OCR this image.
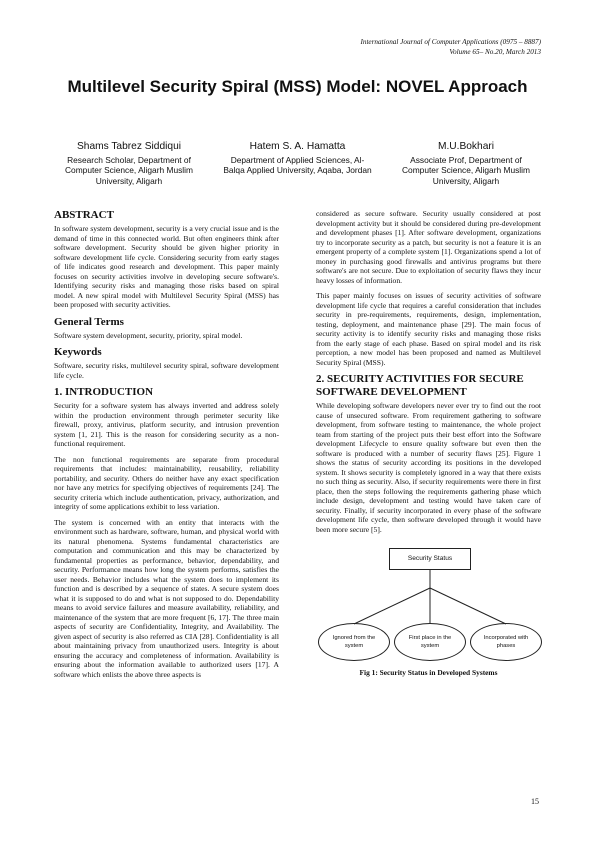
International Journal of Computer Applications (0975 – 8887)
Volume 65– No.20, March 2013
Multilevel Security Spiral (MSS) Model: NOVEL Approach
Shams Tabrez Siddiqui
Research Scholar, Department of Computer Science, Aligarh Muslim University, Aligarh
Hatem S. A. Hamatta
Department of Applied Sciences, Al-Balqa Applied University, Aqaba, Jordan
M.U.Bokhari
Associate Prof, Department of Computer Science, Aligarh Muslim University, Aligarh
ABSTRACT

In software system development, security is a very crucial issue and is the demand of time in this connected world. But often engineers think after software development. Security should be given higher priority in software development life cycle. Considering security from early stages of life indicates good research and development. This paper mainly focuses on security activities involve in developing secure software's. Identifying security risks and managing those risks based on spiral model. A new spiral model with Multilevel Security Spiral (MSS) has been proposed with security activities.

General Terms

Software system development, security, priority, spiral model.

Keywords

Software, security risks, multilevel security spiral, software development life cycle.

1. INTRODUCTION

Security for a software system has always inverted and address solely within the production environment through perimeter security like firewall, proxy, antivirus, platform security, and intrusion prevention system [1, 21]. This is the reason for considering security as a non-functional requirement.

The non functional requirements are separate from procedural requirements that includes: maintainability, reusability, reliability portability, and security. Others do neither have any exact specification nor have any metrics for specifying objectives of requirements [24]. The security criteria which include authentication, privacy, authorization, and integrity of some applications exhibit to less variation.

The system is concerned with an entity that interacts with the environment such as hardware, software, human, and physical world with its natural phenomena. Systems fundamental characteristics are computation and communication and this may be characterized by fundamental properties as performance, behavior, dependability, and security. Performance means how long the system performs, satisfies the user needs. Behavior includes what the system does to implement its function and is described by a sequence of states. A secure system does what it is supposed to do and what is not supposed to do. Dependability means to avoid service failures and measure availability, reliability, and maintenance of the system that are more frequent [6, 17]. The three main aspects of security are Confidentiality, Integrity, and Availability. The given aspect of security is also referred as CIA [28]. Confidentiality is all about maintaining privacy from unauthorized users. Integrity is about ensuring the accuracy and completeness of information. Availability is ensuring about the information available to authorized users [17]. A software which enlists the above three aspects is

considered as secure software. Security usually considered at post development activity but it should be considered during pre-development and development phases [1]. After software development, organizations try to incorporate security as a patch, but security is not a feature it is an emergent property of a complete system [1]. Organizations spend a lot of money in purchasing good firewalls and antivirus programs but there software's are not secure. Due to exploitation of security flaws they incur heavy losses of information.

This paper mainly focuses on issues of security activities of software development life cycle that requires a careful consideration that includes security in pre-requirements, requirements, design, implementation, testing, deployment, and maintenance phase [29]. The main focus of security activity is to identify security risks and managing those risks from the early stage of each phase. Based on spiral model and its risk perception, a new model has been proposed and named as Multilevel Security Spiral (MSS).

2. SECURITY ACTIVITIES FOR SECURE SOFTWARE DEVELOPMENT

While developing software developers never ever try to find out the root cause of unsecured software. From requirement gathering to software development, from software testing to maintenance, the whole project team from starting of the project puts their best effort into the Software development Lifecycle to ensure quality software but even then the software is produced with a number of security flaws [25]. Figure 1 shows the status of security according its positions in the developed system. It shows security is completely ignored in a way that there exists no such thing as security. Also, if security requirements were there in first place, then the steps following the requirements gathering phase which include design, development and testing would have taken care of security. Finally, if security incorporated in every phase of the software development life cycle, then software developed through it would have been more secure [5].

Security Status
Ignored from the system
First place in the system
Incorporated with phases
Fig 1: Security Status in Developed Systems
15
